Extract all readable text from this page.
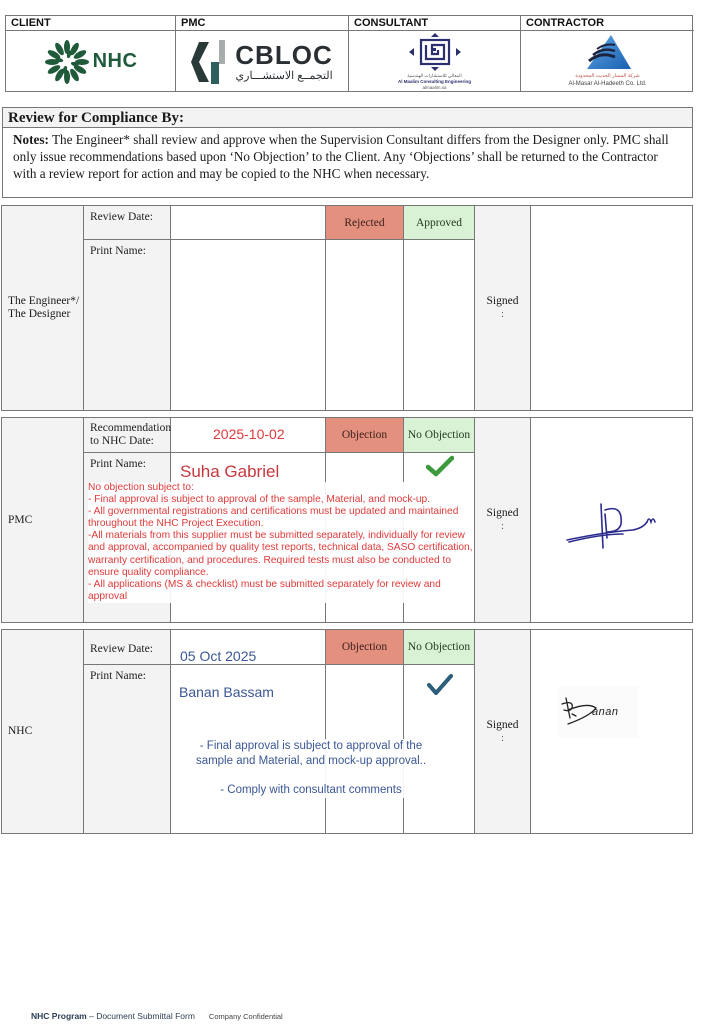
CLIENT
NHC
PMC
CBLOC
التجمــع الاستشـــاري
CONSULTANT
المعالي للاستشارات الهندسية
Al Maalim Consulting Engineering
almaalim.sa
CONTRACTOR
شركة المسار الحديث المحدودة
Al-Masar Al-Hadeeth Co. Ltd.
Review for Compliance By:
Notes: The Engineer* shall review and approve when the Supervision Consultant differs from the Designer only. PMC shall only issue recommendations based upon ‘No Objection’ to the Client. Any ‘Objections’ shall be returned to the Contractor with a review report for action and may be copied to the NHC when necessary.
The Engineer*/ The Designer
Review Date:
Print Name:
Rejected	Approved
Signed
:
PMC
Recommendation to NHC Date:
Print Name:
2025-10-02	Objection No Objection
Signed
:
Suha Gabriel
No objection subject to:
- Final approval is subject to approval of the sample, Material, and mock-up.
- All governmental registrations and certifications must be updated and maintained throughout the NHC Project Execution.
-All materials from this supplier must be submitted separately, individually for review and approval, accompanied by quality test reports, technical data, SASO certification, warranty certification, and procedures. Required tests must also be conducted to ensure quality compliance.
- All applications (MS & checklist) must be submitted separately for review and approval
NHC
Review Date:
Print Name:
05 Oct 2025
Objection No Objection
Signed
:
anan
Banan Bassam
- Final approval is subject to approval of the sample and Material, and mock-up approval..
- Comply with consultant comments
NHC Program – Document Submittal Form Company Confidential
